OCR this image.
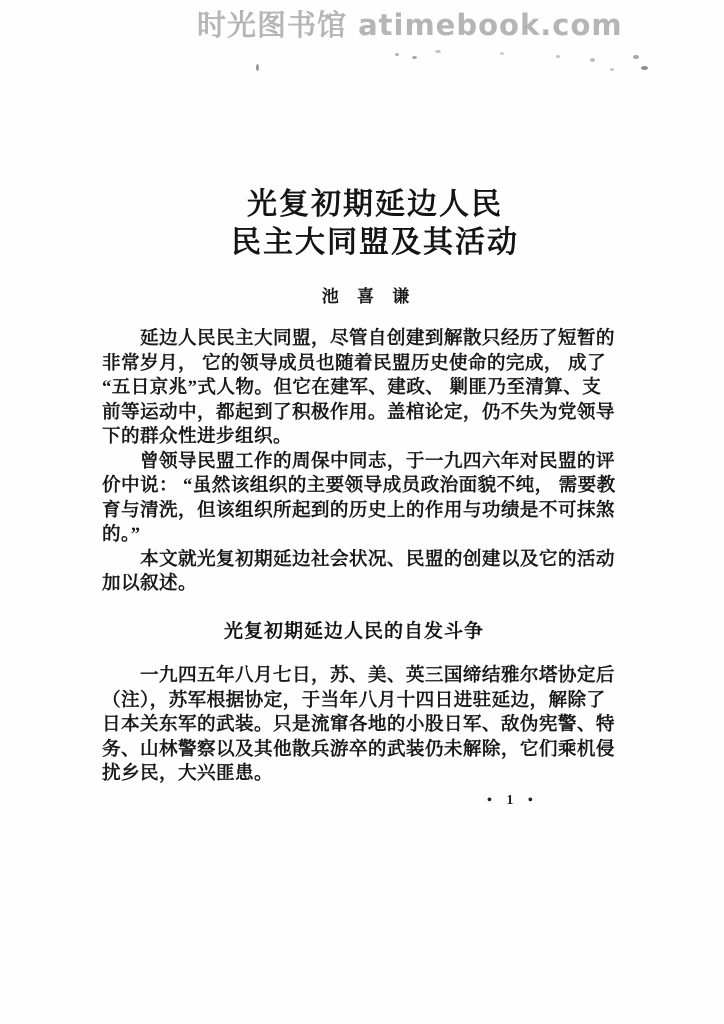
时光图书馆 atimebook.com
光复初期延边人民
民主大同盟及其活动
池 喜 谦
延边人民民主大同盟，尽管自创建到解散只经历了短暂的
非常岁月， 它的领导成员也随着民盟历史使命的完成， 成了
“五日京兆”式人物。但它在建军、建政、 剿匪乃至清算、支
前等运动中，都起到了积极作用。盖棺论定，仍不失为党领导
下的群众性进步组织。
曾领导民盟工作的周保中同志，于一九四六年对民盟的评
价中说： “虽然该组织的主要领导成员政治面貌不纯， 需要教
育与清洗，但该组织所起到的历史上的作用与功绩是不可抹煞
的。”
本文就光复初期延边社会状况、民盟的创建以及它的活动
加以叙述。
光复初期延边人民的自发斗争
一九四五年八月七日，苏、美、英三国缔结雅尔塔协定后
（注），苏军根据协定，于当年八月十四日进驻延边，解除了
日本关东军的武装。只是流窜各地的小股日军、敌伪宪警、特
务、山林警察以及其他散兵游卒的武装仍未解除，它们乘机侵
扰乡民，大兴匪患。
• 1 •
